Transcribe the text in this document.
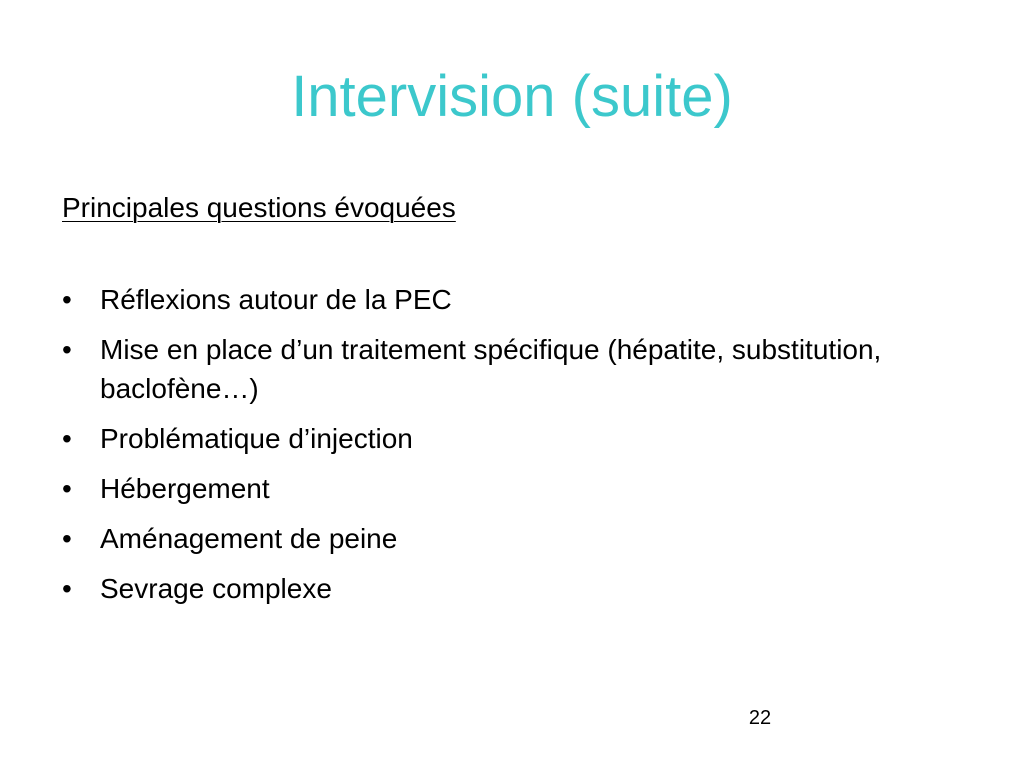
Intervision (suite)
Principales questions évoquées
•	Réflexions autour de la PEC
•	Mise en place d’un traitement spécifique (hépatite, substitution, baclofène…)
•	Problématique d’injection
•	Hébergement
•	Aménagement de peine
•	Sevrage complexe
22
